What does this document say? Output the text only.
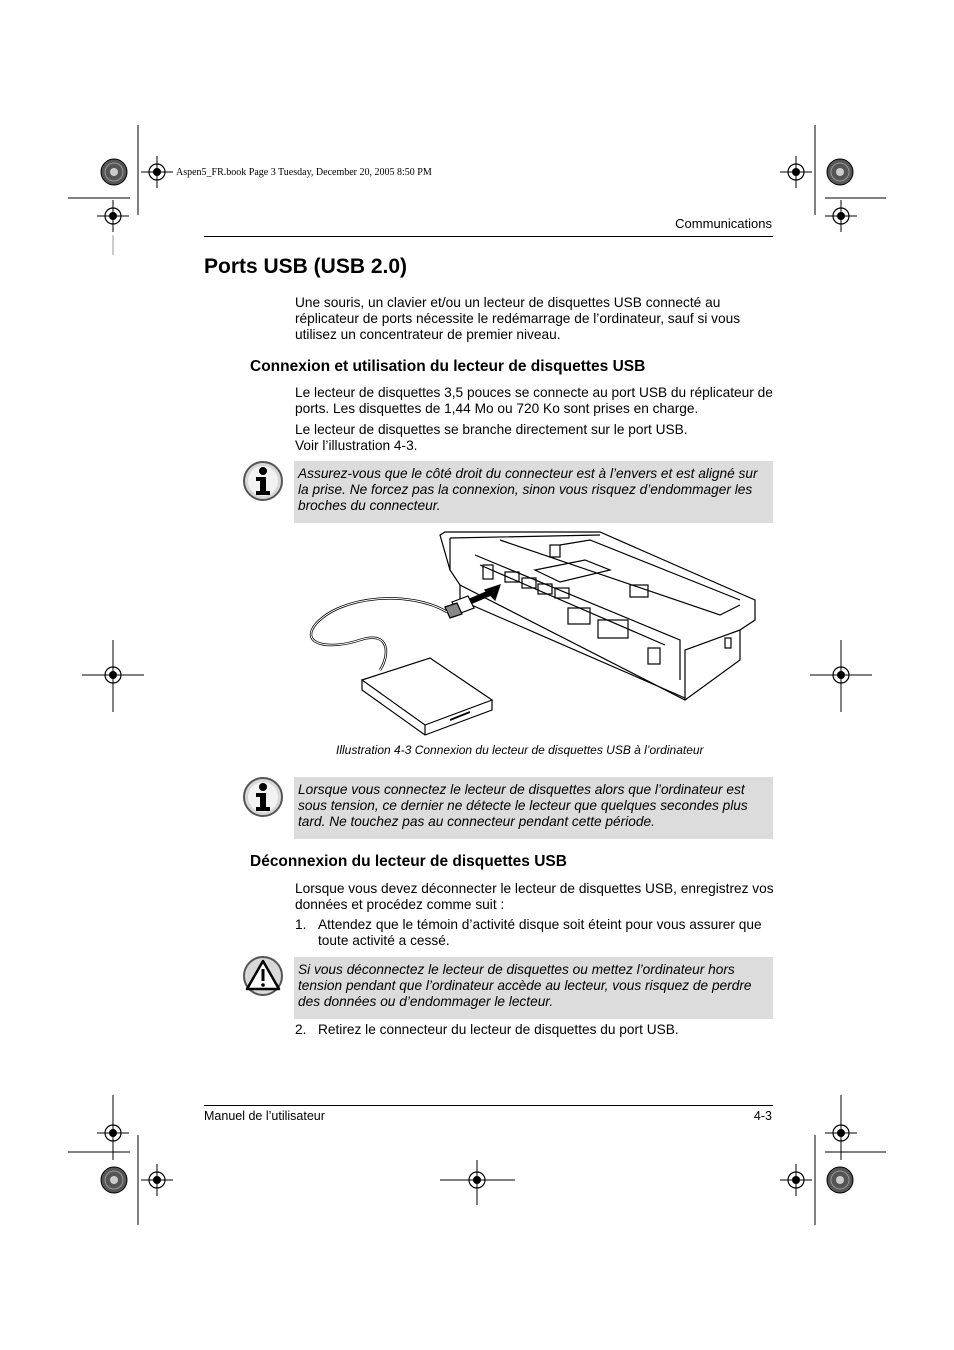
Aspen5_FR.book Page 3 Tuesday, December 20, 2005 8:50 PM
Communications
Ports USB (USB 2.0)

Une souris, un clavier et/ou un lecteur de disquettes USB connecté au réplicateur de ports nécessite le redémarrage de l’ordinateur, sauf si vous utilisez un concentrateur de premier niveau.

Connexion et utilisation du lecteur de disquettes USB

Le lecteur de disquettes 3,5 pouces se connecte au port USB du réplicateur de ports. Les disquettes de 1,44 Mo ou 720 Ko sont prises en charge.

Le lecteur de disquettes se branche directement sur le port USB.

Voir l’illustration 4-3.

Assurez-vous que le côté droit du connecteur est à l’envers et est aligné sur la prise. Ne forcez pas la connexion, sinon vous risquez d’endommager les broches du connecteur.
Illustration 4-3 Connexion du lecteur de disquettes USB à l’ordinateur
Lorsque vous connectez le lecteur de disquettes alors que l’ordinateur est sous tension, ce dernier ne détecte le lecteur que quelques secondes plus tard. Ne touchez pas au connecteur pendant cette période.
Déconnexion du lecteur de disquettes USB

Lorsque vous devez déconnecter le lecteur de disquettes USB, enregistrez vos données et procédez comme suit :

1. Attendez que le témoin d’activité disque soit éteint pour vous assurer que toute activité a cessé.

Si vous déconnectez le lecteur de disquettes ou mettez l’ordinateur hors tension pendant que l’ordinateur accède au lecteur, vous risquez de perdre des données ou d’endommager le lecteur.
2. Retirez le connecteur du lecteur de disquettes du port USB.

Manuel de l’utilisateur	4-3
